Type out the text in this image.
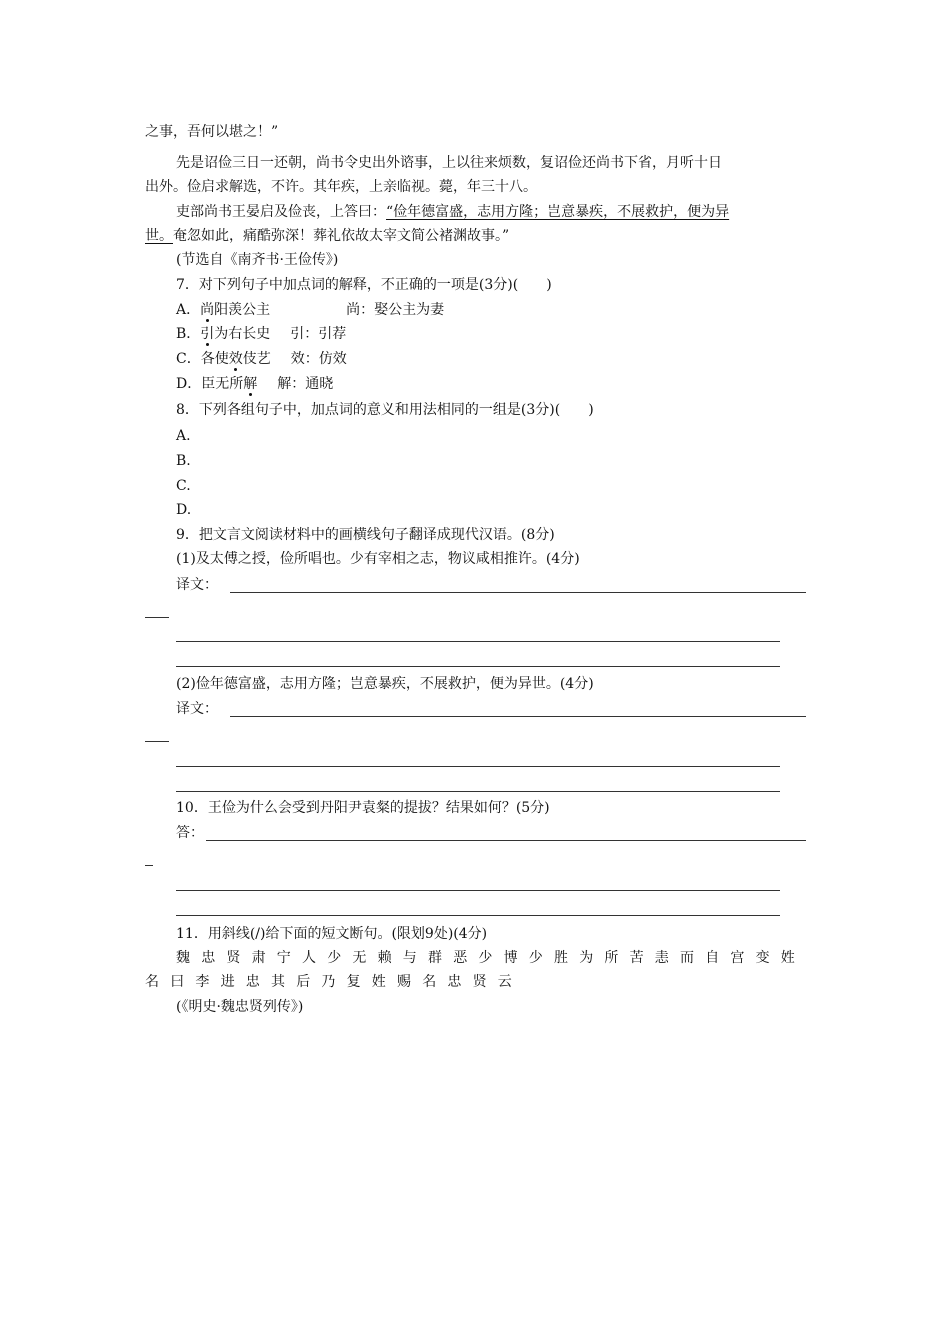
之事，吾何以堪之！”
先是诏俭三日一还朝，尚书令史出外谘事，上以往来烦数，复诏俭还尚书下省，月听十日
出外。俭启求解选，不许。其年疾，上亲临视。薨，年三十八。
吏部尚书王晏启及俭丧，上答曰：“俭年德富盛，志用方隆；岂意暴疾，不展救护，便为异
世。奄忽如此，痛酷弥深！葬礼依故太宰文简公褚渊故事。”
(节选自《南齐书·王俭传》)
7．对下列句子中加点词的解释，不正确的一项是(3分)(　　)
A．尚阳羡公主	尚：娶公主为妻
B．引为右长史 引：引荐
C．各使效伎艺 效：仿效
D．臣无所解 解：通晓
8．下列各组句子中，加点词的意义和用法相同的一组是(3分)(　　)
A.
B.
C.
D.
9．把文言文阅读材料中的画横线句子翻译成现代汉语。(8分)
(1)及太傅之授，俭所唱也。少有宰相之志，物议咸相推许。(4分)
译文：
(2)俭年德富盛，志用方隆；岂意暴疾，不展救护，便为异世。(4分)
译文：
10．王俭为什么会受到丹阳尹袁粲的提拔？结果如何？(5分)
答：
11．用斜线(/)给下面的短文断句。(限划9处)(4分)
魏忠贤肃宁人少无赖与群恶少博少胜为所苦恚而自宫变姓
名曰李进忠其后乃复姓赐名忠贤云
(《明史·魏忠贤列传》)
